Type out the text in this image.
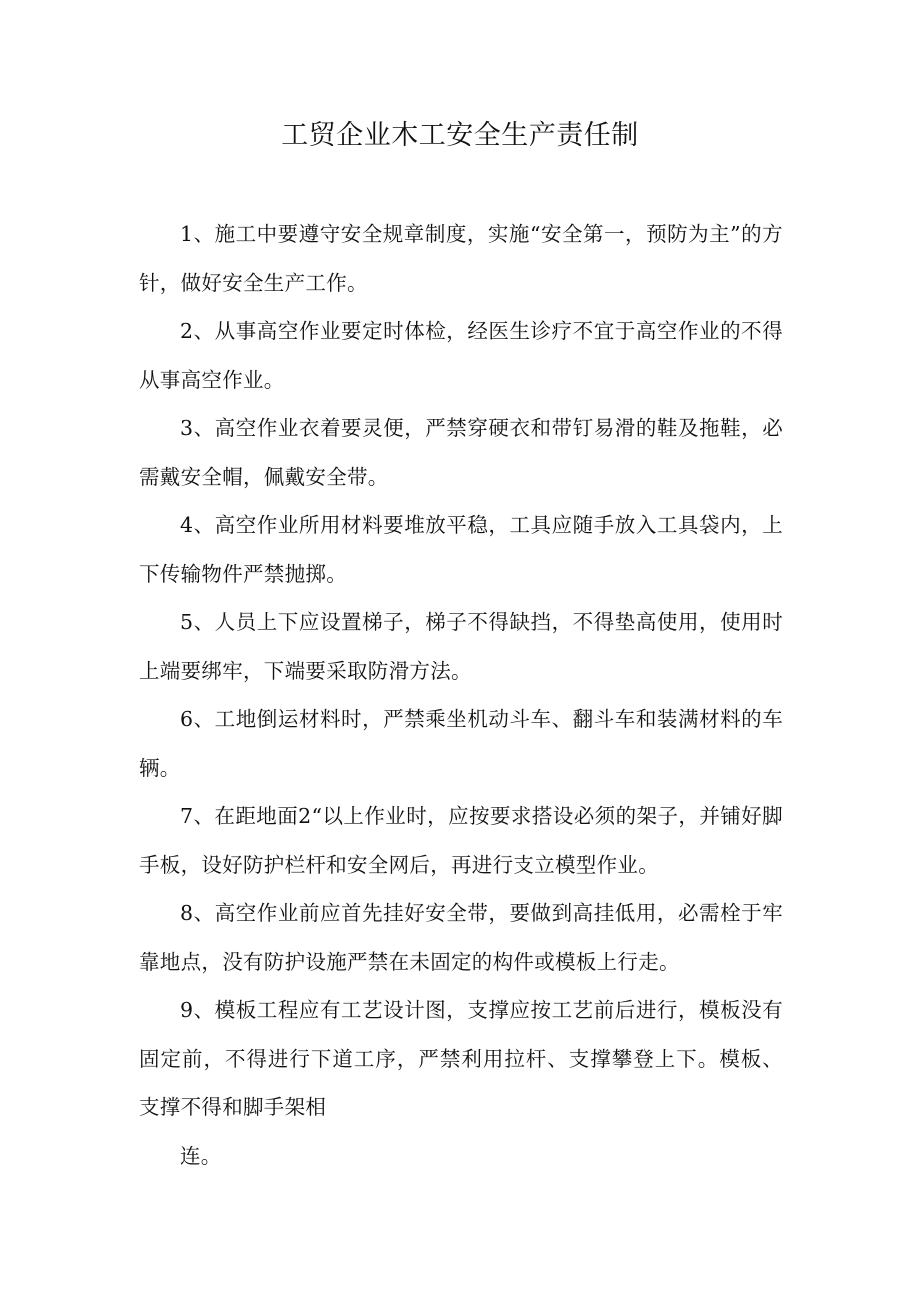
工贸企业木工安全生产责任制

1、施工中要遵守安全规章制度，实施“安全第一，预防为主”的方针，做好安全生产工作。

2、从事高空作业要定时体检，经医生诊疗不宜于高空作业的不得从事高空作业。

3、高空作业衣着要灵便，严禁穿硬衣和带钉易滑的鞋及拖鞋，必需戴安全帽，佩戴安全带。

4、高空作业所用材料要堆放平稳，工具应随手放入工具袋内，上下传输物件严禁抛掷。

5、人员上下应设置梯子，梯子不得缺挡，不得垫高使用，使用时上端要绑牢，下端要采取防滑方法。

6、工地倒运材料时，严禁乘坐机动斗车、翻斗车和装满材料的车辆。

7、在距地面2“以上作业时，应按要求搭设必须的架子，并铺好脚手板，设好防护栏杆和安全网后，再进行支立模型作业。

8、高空作业前应首先挂好安全带，要做到高挂低用，必需栓于牢靠地点，没有防护设施严禁在未固定的构件或模板上行走。

9、模板工程应有工艺设计图，支撑应按工艺前后进行，模板没有固定前，不得进行下道工序，严禁利用拉杆、支撑攀登上下。模板、支撑不得和脚手架相

连。
